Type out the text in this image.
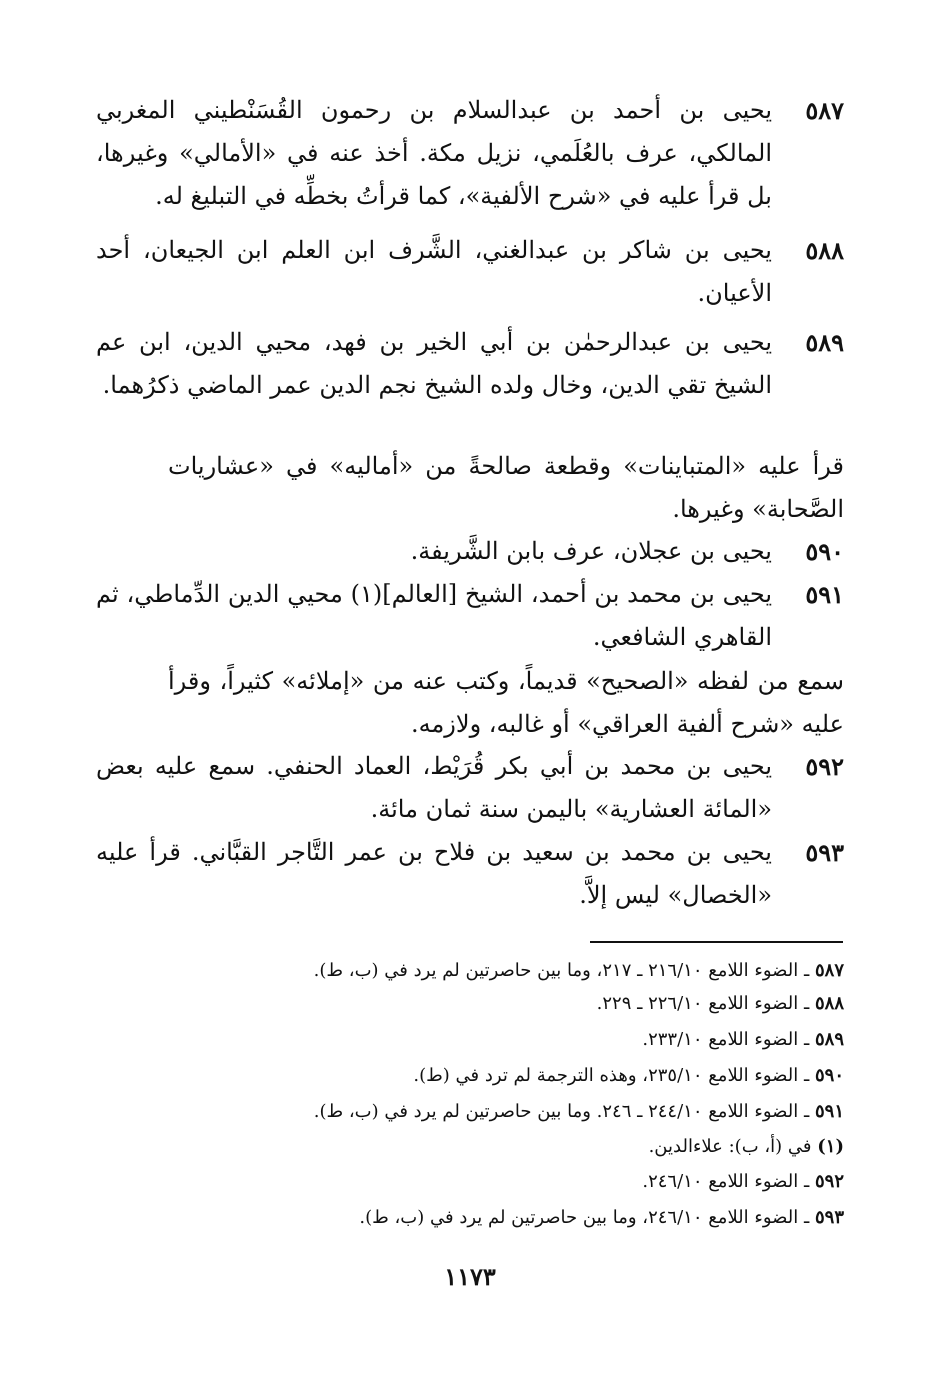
٥٨٧
يحيى بن أحمد بن عبدالسلام بن رحمون القُسَنْطيني المغربي المالكي، عرف بالعُلَمي، نزيل مكة. أخذ عنه في «الأمالي» وغيرها، بل قرأ عليه في «شرح الألفية»، كما قرأتُ بخطِّه في التبليغ له.
٥٨٨
يحيى بن شاكر بن عبدالغني، الشَّرف ابن العلم ابن الجيعان، أحد الأعيان.
٥٨٩
يحيى بن عبدالرحمٰن بن أبي الخير بن فهد، محيي الدين، ابن عم الشيخ تقي الدين، وخال ولده الشيخ نجم الدين عمر الماضي ذكرُهما.
قرأ عليه «المتباينات» وقطعة صالحةً من «أماليه» في «عشاريات الصَّحابة» وغيرها.
٥٩٠
يحيى بن عجلان، عرف بابن الشَّريفة.
٥٩١
يحيى بن محمد بن أحمد، الشيخ [العالم](١) محيي الدين الدِّماطي، ثم القاهري الشافعي.
سمع من لفظه «الصحيح» قديماً، وكتب عنه من «إملائه» كثيراً، وقرأ عليه «شرح ألفية العراقي» أو غالبه، ولازمه.
٥٩٢
يحيى بن محمد بن أبي بكر قُرَيْط، العماد الحنفي. سمع عليه بعض «المائة العشارية» باليمن سنة ثمان مائة.
٥٩٣
يحيى بن محمد بن سعيد بن فلاح بن عمر التَّاجر القبَّاني. قرأ عليه «الخصال» ليس إلاَّ.
٥٨٧ ـ الضوء اللامع ٢١٦/١٠ ـ ٢١٧، وما بين حاصرتين لم يرد في (ب، ط).
٥٨٨ ـ الضوء اللامع ٢٢٦/١٠ ـ ٢٢٩.
٥٨٩ ـ الضوء اللامع ٢٣٣/١٠.
٥٩٠ ـ الضوء اللامع ٢٣٥/١٠، وهذه الترجمة لم ترد في (ط).
٥٩١ ـ الضوء اللامع ٢٤٤/١٠ ـ ٢٤٦. وما بين حاصرتين لم يرد في (ب، ط).
(١) في (أ، ب): علاءالدين.
٥٩٢ ـ الضوء اللامع ٢٤٦/١٠.
٥٩٣ ـ الضوء اللامع ٢٤٦/١٠، وما بين حاصرتين لم يرد في (ب، ط).
١١٧٣
